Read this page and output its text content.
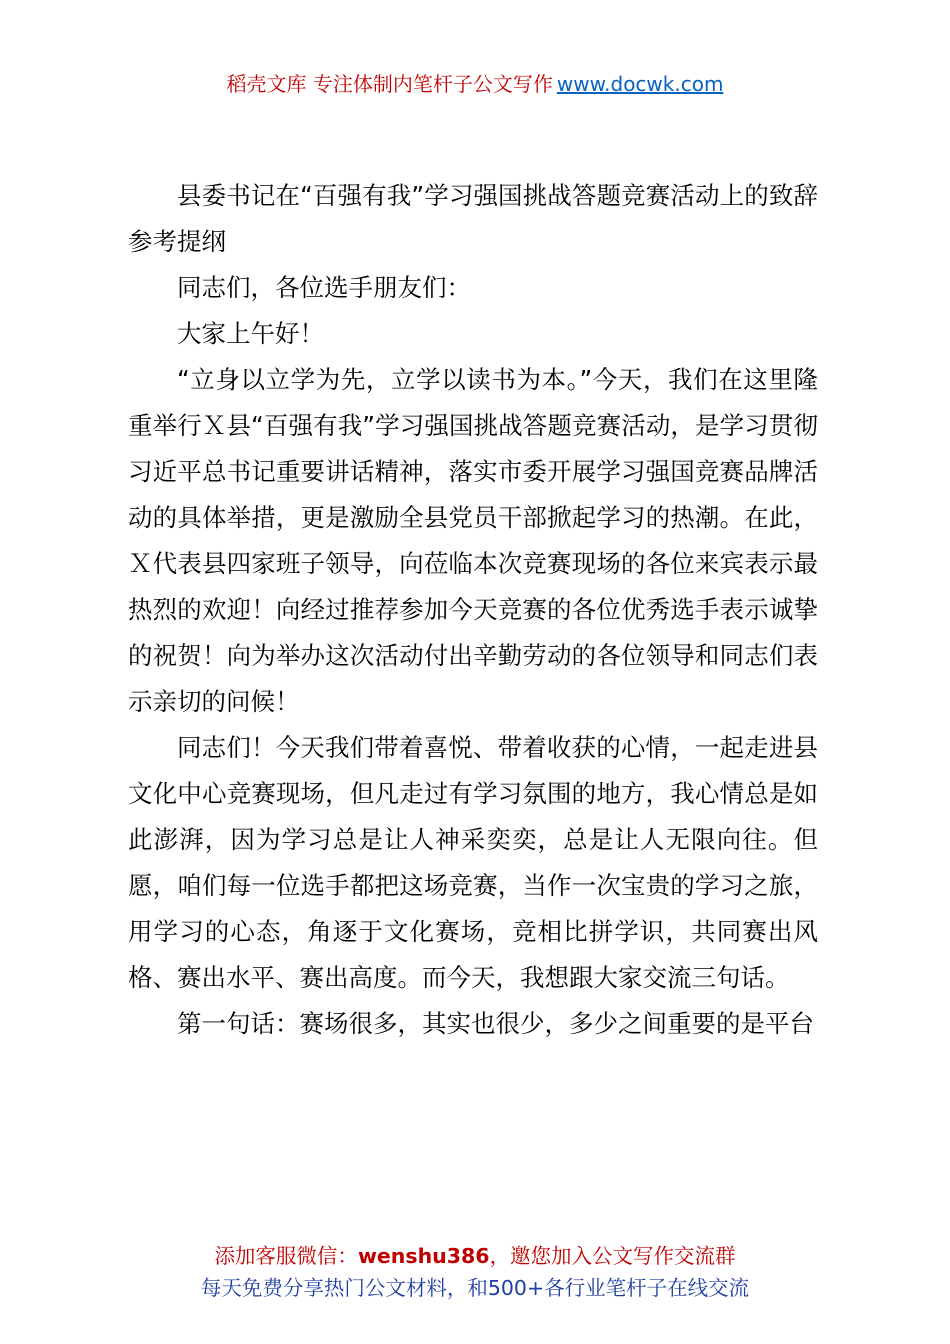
稻壳文库 专注体制内笔杆子公文写作 www.docwk.com

县委书记在“百强有我”学习强国挑战答题竞赛活动上的致辞参考提纲

同志们，各位选手朋友们：

大家上午好！

“立身以立学为先，立学以读书为本。”今天，我们在这里隆重举行Ｘ县“百强有我”学习强国挑战答题竞赛活动，是学习贯彻习近平总书记重要讲话精神，落实市委开展学习强国竞赛品牌活动的具体举措，更是激励全县党员干部掀起学习的热潮。在此，Ｘ代表县四家班子领导，向莅临本次竞赛现场的各位来宾表示最热烈的欢迎！向经过推荐参加今天竞赛的各位优秀选手表示诚挚的祝贺！向为举办这次活动付出辛勤劳动的各位领导和同志们表示亲切的问候！

同志们！今天我们带着喜悦、带着收获的心情，一起走进县文化中心竞赛现场，但凡走过有学习氛围的地方，我心情总是如此澎湃，因为学习总是让人神采奕奕，总是让人无限向往。但愿，咱们每一位选手都把这场竞赛，当作一次宝贵的学习之旅，用学习的心态，角逐于文化赛场，竞相比拼学识，共同赛出风格、赛出水平、赛出高度。而今天，我想跟大家交流三句话。

第一句话：赛场很多，其实也很少，多少之间重要的是平台

添加客服微信：wenshu386，邀您加入公文写作交流群
每天免费分享热门公文材料，和500+各行业笔杆子在线交流
